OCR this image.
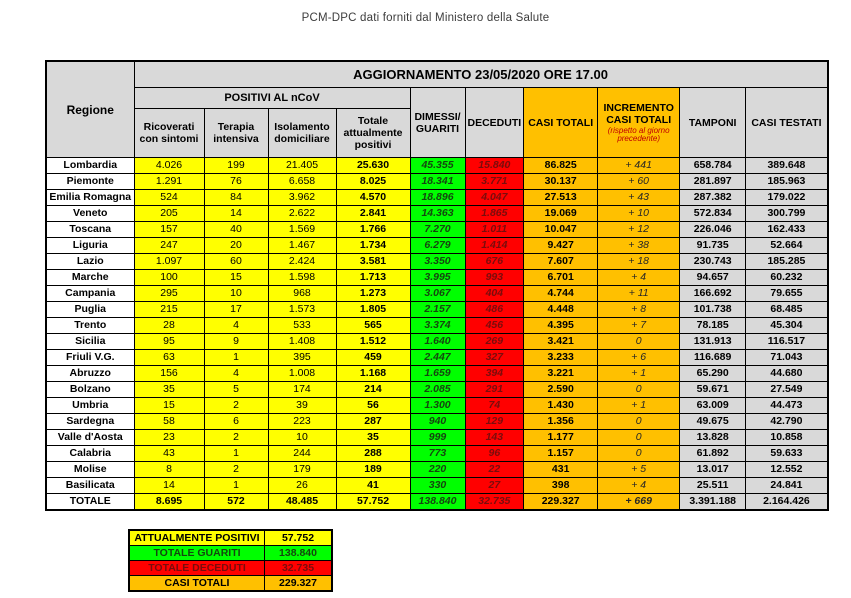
PCM-DPC dati forniti dal Ministero della Salute
Regione	AGGIORNAMENTO 23/05/2020 ORE 17.00									
	POSITIVI AL nCoV				DIMESSI/ GUARITI	DECEDUTI	CASI TOTALI	INCREMENTO CASI TOTALI
(rispetto al giorno precedente)	TAMPONI	CASI TESTATI
	Ricoverati con sintomi	Terapia intensiva	Isolamento domiciliare	Totale attualmente positivi						
Lombardia	4.026	199	21.405	25.630	45.355	15.840	86.825	+ 441	658.784	389.648
Piemonte	1.291	76	6.658	8.025	18.341	3.771	30.137	+ 60	281.897	185.963
Emilia Romagna	524	84	3.962	4.570	18.896	4.047	27.513	+ 43	287.382	179.022
Veneto	205	14	2.622	2.841	14.363	1.865	19.069	+ 10	572.834	300.799
Toscana	157	40	1.569	1.766	7.270	1.011	10.047	+ 12	226.046	162.433
Liguria	247	20	1.467	1.734	6.279	1.414	9.427	+ 38	91.735	52.664
Lazio	1.097	60	2.424	3.581	3.350	676	7.607	+ 18	230.743	185.285
Marche	100	15	1.598	1.713	3.995	993	6.701	+ 4	94.657	60.232
Campania	295	10	968	1.273	3.067	404	4.744	+ 11	166.692	79.655
Puglia	215	17	1.573	1.805	2.157	486	4.448	+ 8	101.738	68.485
Trento	28	4	533	565	3.374	456	4.395	+ 7	78.185	45.304
Sicilia	95	9	1.408	1.512	1.640	269	3.421	0	131.913	116.517
Friuli V.G.	63	1	395	459	2.447	327	3.233	+ 6	116.689	71.043
Abruzzo	156	4	1.008	1.168	1.659	394	3.221	+ 1	65.290	44.680
Bolzano	35	5	174	214	2.085	291	2.590	0	59.671	27.549
Umbria	15	2	39	56	1.300	74	1.430	+ 1	63.009	44.473
Sardegna	58	6	223	287	940	129	1.356	0	49.675	42.790
Valle d'Aosta	23	2	10	35	999	143	1.177	0	13.828	10.858
Calabria	43	1	244	288	773	96	1.157	0	61.892	59.633
Molise	8	2	179	189	220	22	431	+ 5	13.017	12.552
Basilicata	14	1	26	41	330	27	398	+ 4	25.511	24.841
TOTALE	8.695	572	48.485	57.752	138.840	32.735	229.327	+ 669	3.391.188	2.164.426
ATTUALMENTE POSITIVI	57.752
TOTALE GUARITI	138.840
TOTALE DECEDUTI	32.735
CASI TOTALI	229.327
